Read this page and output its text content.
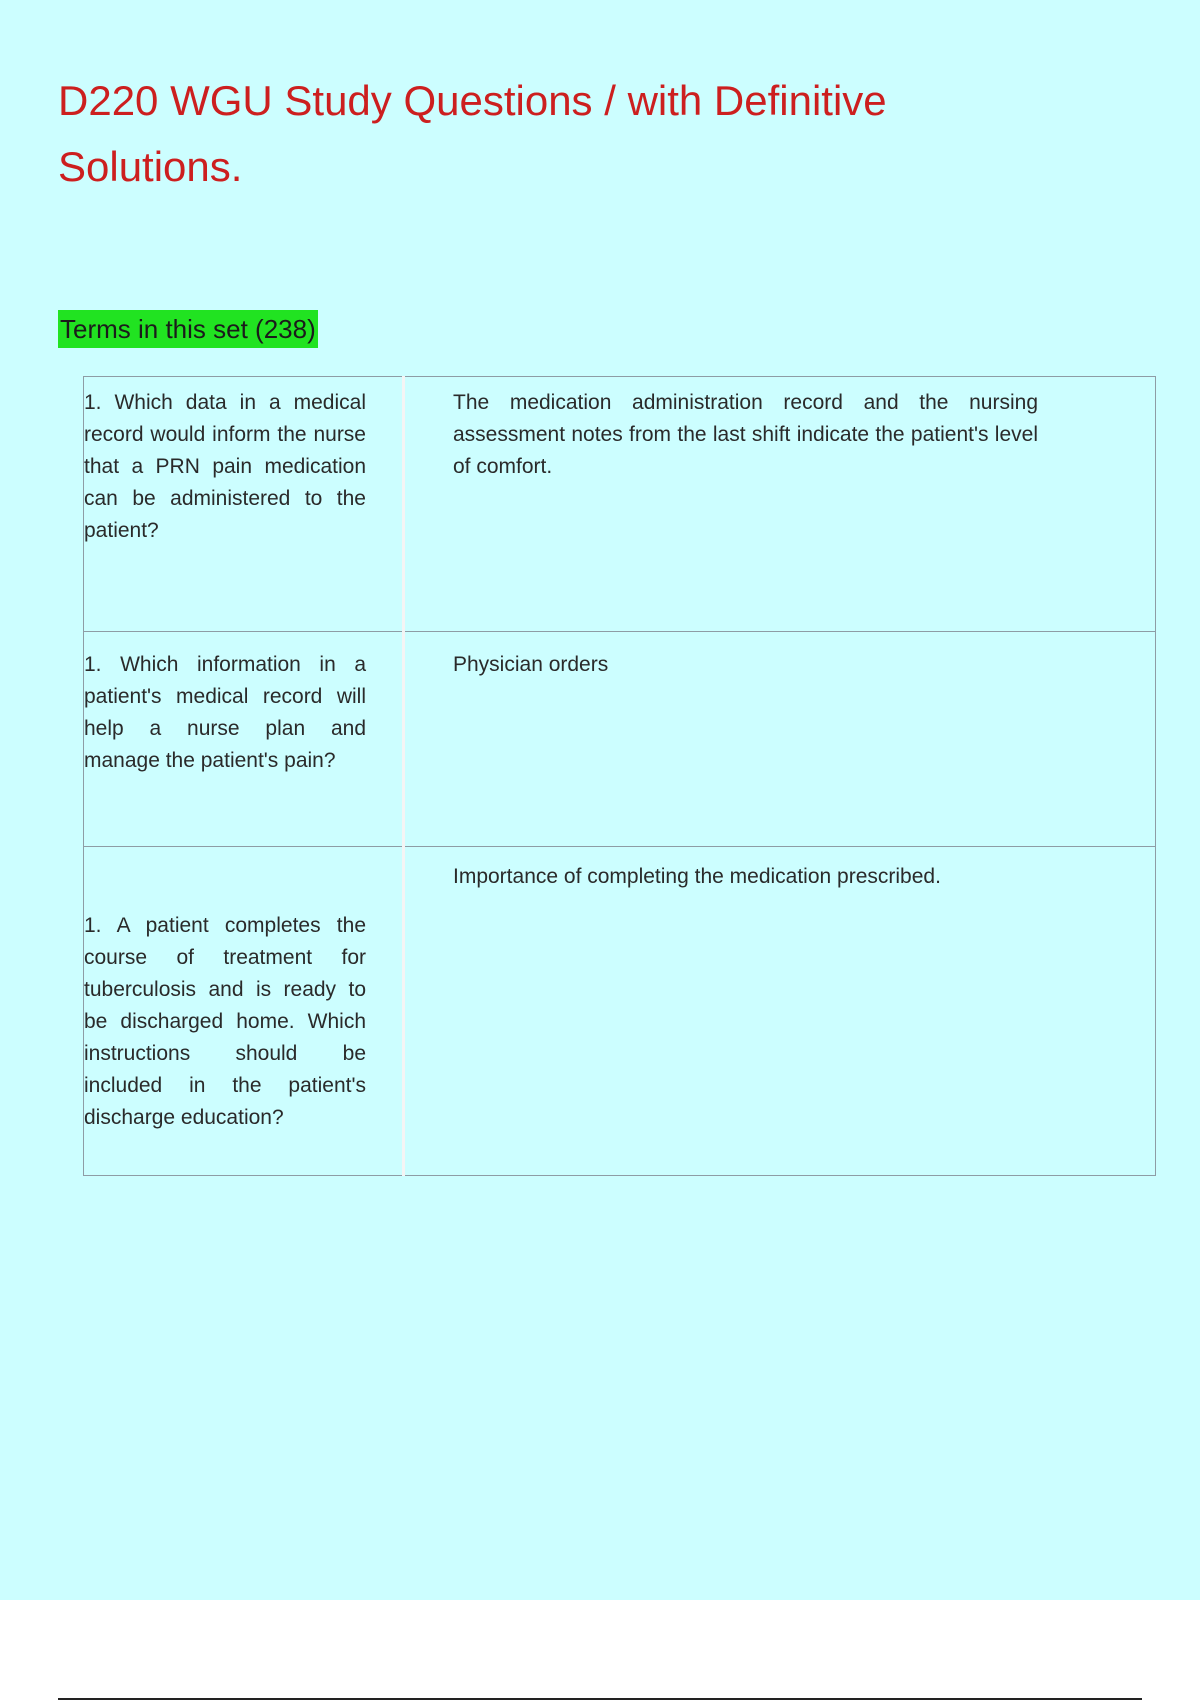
D220 WGU Study Questions / with Definitive Solutions.
Terms in this set (238)
1. Which data in a medical record would inform the nurse that a PRN pain medication can be administered to the patient?	The medication administration record and the nursing assessment notes from the last shift indicate the patient's level of comfort.

1. Which information in a patient's medical record will help a nurse plan and manage the patient's pain?	Physician orders

1. A patient completes the course of treatment for tuberculosis and is ready to be discharged home. Which instructions should be included in the patient's discharge education?	Importance of completing the medication prescribed.
